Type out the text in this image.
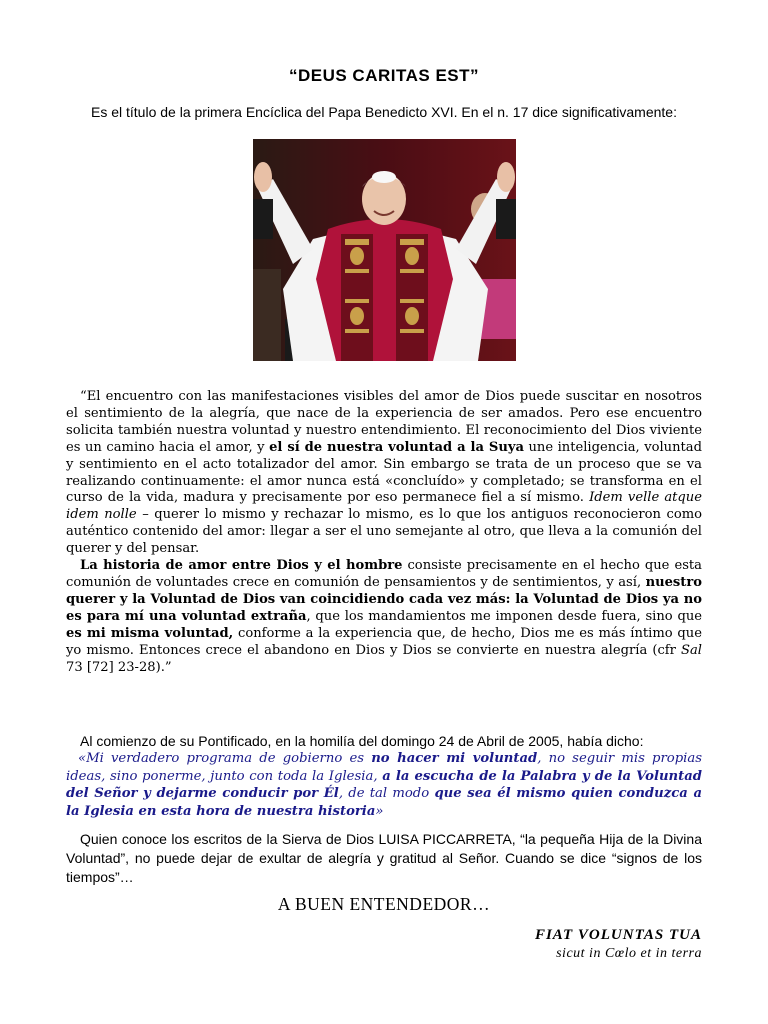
“DEUS CARITAS EST”
Es el título de la primera Encíclica del Papa Benedicto XVI. En el n. 17 dice significativamente:

“El encuentro con las manifestaciones visibles del amor de Dios puede suscitar en nosotros el sentimiento de la alegría, que nace de la experiencia de ser amados. Pero ese encuentro solicita también nuestra voluntad y nuestro entendimiento. El reconocimiento del Dios viviente es un camino hacia el amor, y el sí de nuestra voluntad a la Suya une inteligencia, voluntad y sentimiento en el acto totalizador del amor. Sin embargo se trata de un proceso que se va realizando continuamente: el amor nunca está «concluído» y completado; se transforma en el curso de la vida, madura y precisamente por eso permanece fiel a sí mismo. Idem velle atque idem nolle – querer lo mismo y rechazar lo mismo, es lo que los antiguos reconocieron como auténtico contenido del amor: llegar a ser el uno semejante al otro, que lleva a la comunión del querer y del pensar.

La historia de amor entre Dios y el hombre consiste precisamente en el hecho que esta comunión de voluntades crece en comunión de pensamientos y de sentimientos, y así, nuestro querer y la Voluntad de Dios van coincidiendo cada vez más: la Voluntad de Dios ya no es para mí una voluntad extraña, que los mandamientos me imponen desde fuera, sino que es mi misma voluntad, conforme a la experiencia que, de hecho, Dios me es más íntimo que yo mismo. Entonces crece el abandono en Dios y Dios se convierte en nuestra alegría (cfr Sal 73 [72] 23-28).”

Al comienzo de su Pontificado, en la homilía del domingo 24 de Abril de 2005, había dicho:

«Mi verdadero programa de gobierno es no hacer mi voluntad, no seguir mis propias ideas, sino ponerme, junto con toda la Iglesia, a la escucha de la Palabra y de la Voluntad del Señor y dejarme conducir por Él, de tal modo que sea él mismo quien conduzca a la Iglesia en esta hora de nuestra historia»

Quien conoce los escritos de la Sierva de Dios LUISA PICCARRETA, “la pequeña Hija de la Divina Voluntad”, no puede dejar de exultar de alegría y gratitud al Señor. Cuando se dice “signos de los tiempos”…

A BUEN ENTENDEDOR…
FIAT VOLUNTAS TUA
sicut in Cœlo et in terra
